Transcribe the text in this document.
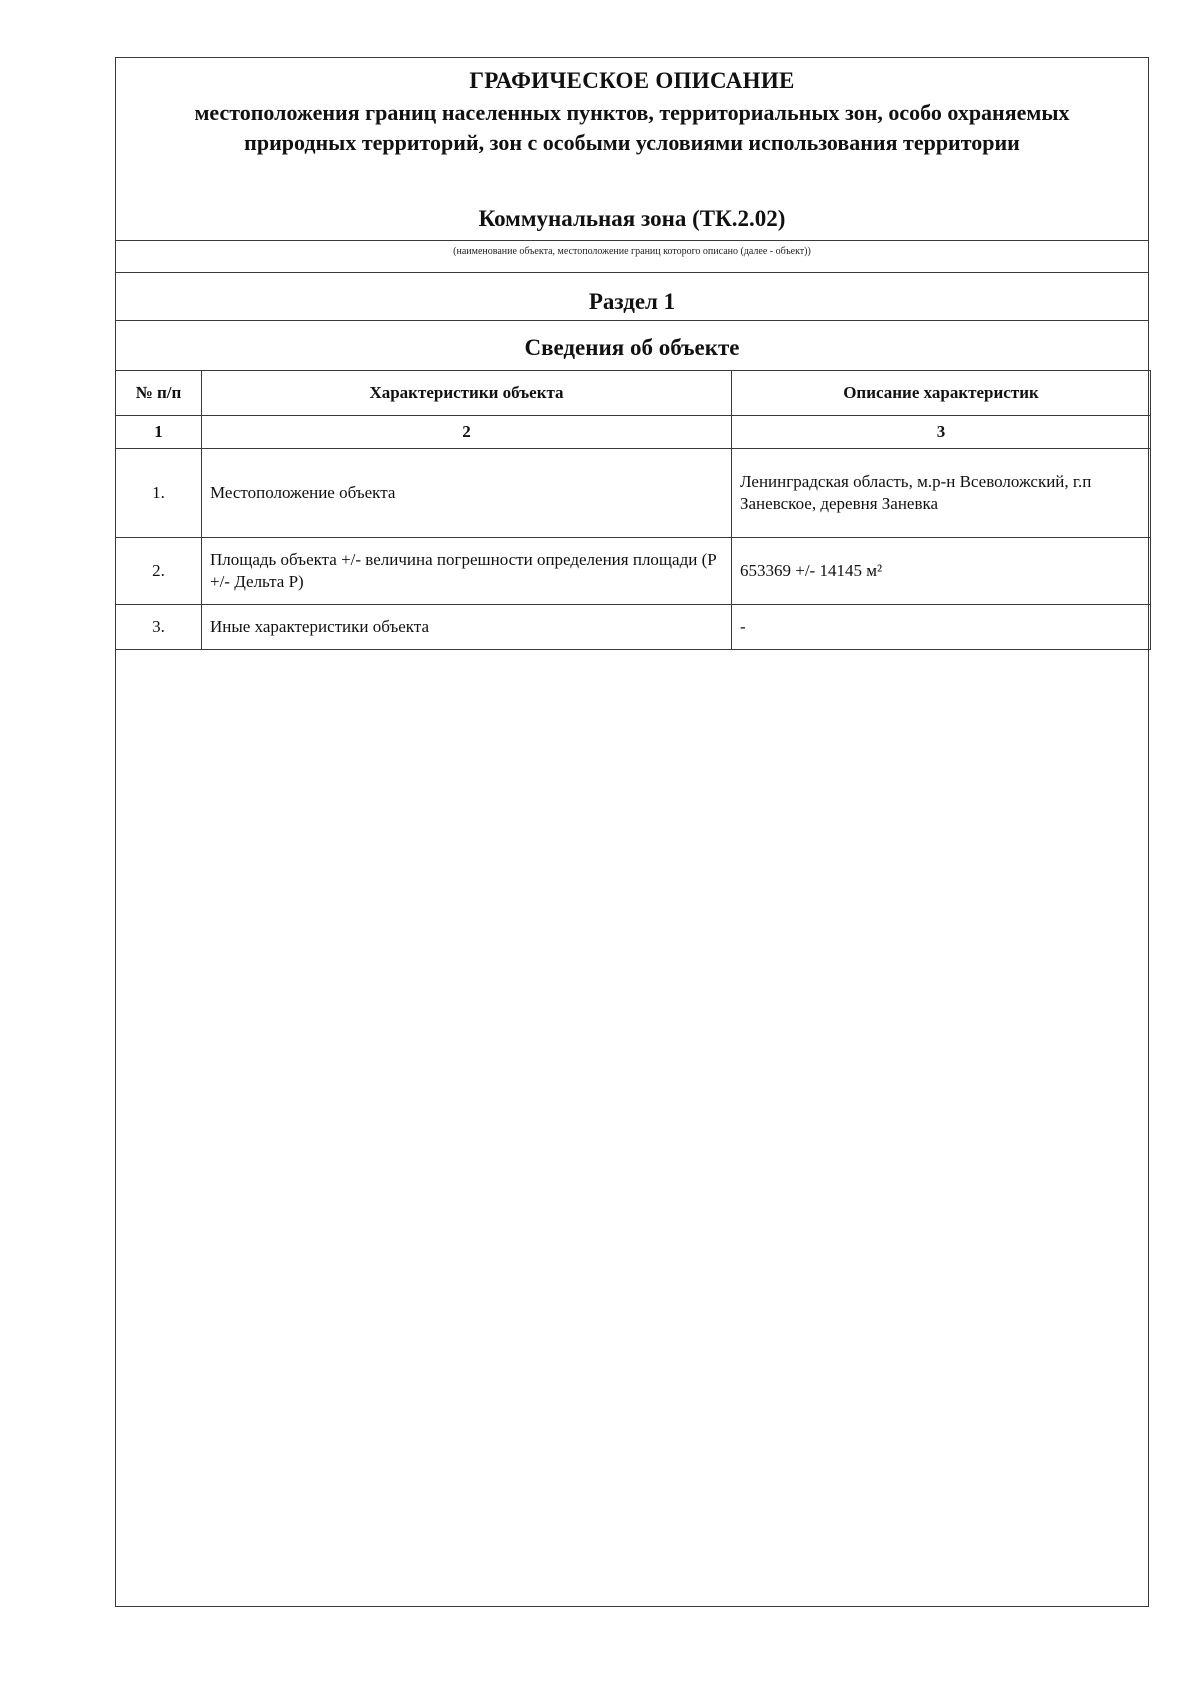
ГРАФИЧЕСКОЕ ОПИСАНИЕ
местоположения границ населенных пунктов, территориальных зон, особо охраняемых природных территорий, зон с особыми условиями использования территории
Коммунальная зона (ТК.2.02)
(наименование объекта, местоположение границ которого описано (далее - объект))
Раздел 1
Сведения об объекте
№ п/п	Характеристики объекта	Описание характеристик
1	2	3
1.	Местоположение объекта	Ленинградская область, м.р-н Всеволожский, г.п Заневское, деревня Заневка
2.	Площадь объекта +/- величина погрешности определения площади (Р +/- Дельта Р)	653369 +/- 14145 м²
3.	Иные характеристики объекта	-
